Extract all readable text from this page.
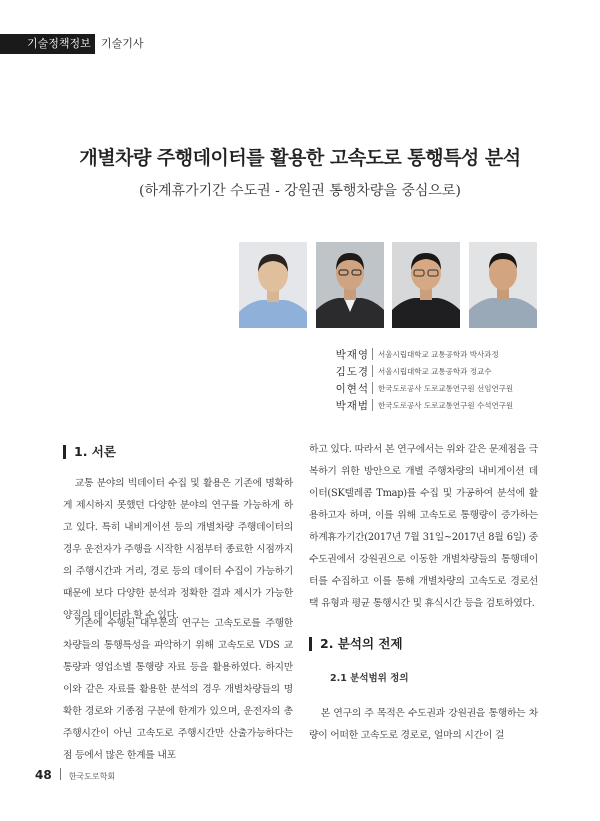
기술정책정보 기술기사
개별차량 주행데이터를 활용한 고속도로 통행특성 분석

(하계휴가기간 수도권 - 강원권 통행차량을 중심으로)

박재영 서울시립대학교 교통공학과 박사과정
김도경 서울시립대학교 교통공학과 정교수
이현석 한국도로공사 도로교통연구원 선임연구원
박재범 한국도로공사 도로교통연구원 수석연구원
1. 서론

교통 분야의 빅데이터 수집 및 활용은 기존에 명확하게 제시하지 못했던 다양한 분야의 연구를 가능하게 하고 있다. 특히 내비게이션 등의 개별차량 주행데이터의 경우 운전자가 주행을 시작한 시점부터 종료한 시점까지의 주행시간과 거리, 경로 등의 데이터 수집이 가능하기 때문에 보다 다양한 분석과 정확한 결과 제시가 가능한 양질의 데이터라 할 수 있다.

기존에 수행된 대부분의 연구는 고속도로를 주행한 차량들의 통행특성을 파악하기 위해 고속도로 VDS 교통량과 영업소별 통행량 자료 등을 활용하였다. 하지만 이와 같은 자료를 활용한 분석의 경우 개별차량들의 명확한 경로와 기종점 구분에 한계가 있으며, 운전자의 총 주행시간이 아닌 고속도로 주행시간만 산출가능하다는 점 등에서 많은 한계를 내포

하고 있다. 따라서 본 연구에서는 위와 같은 문제점을 극복하기 위한 방안으로 개별 주행차량의 내비게이션 데이터(SK텔레콤 Tmap)를 수집 및 가공하여 분석에 활용하고자 하며, 이를 위해 고속도로 통행량이 증가하는 하계휴가기간(2017년 7월 31일~2017년 8월 6일) 중 수도권에서 강원권으로 이동한 개별차량들의 통행데이터를 수집하고 이를 통해 개별차량의 고속도로 경로선택 유형과 평균 통행시간 및 휴식시간 등을 검토하였다.

2. 분석의 전제
2.1 분석범위 정의

본 연구의 주 목적은 수도권과 강원권을 통행하는 차량이 어떠한 고속도로 경로로, 얼마의 시간이 걸

48 한국도로학회
